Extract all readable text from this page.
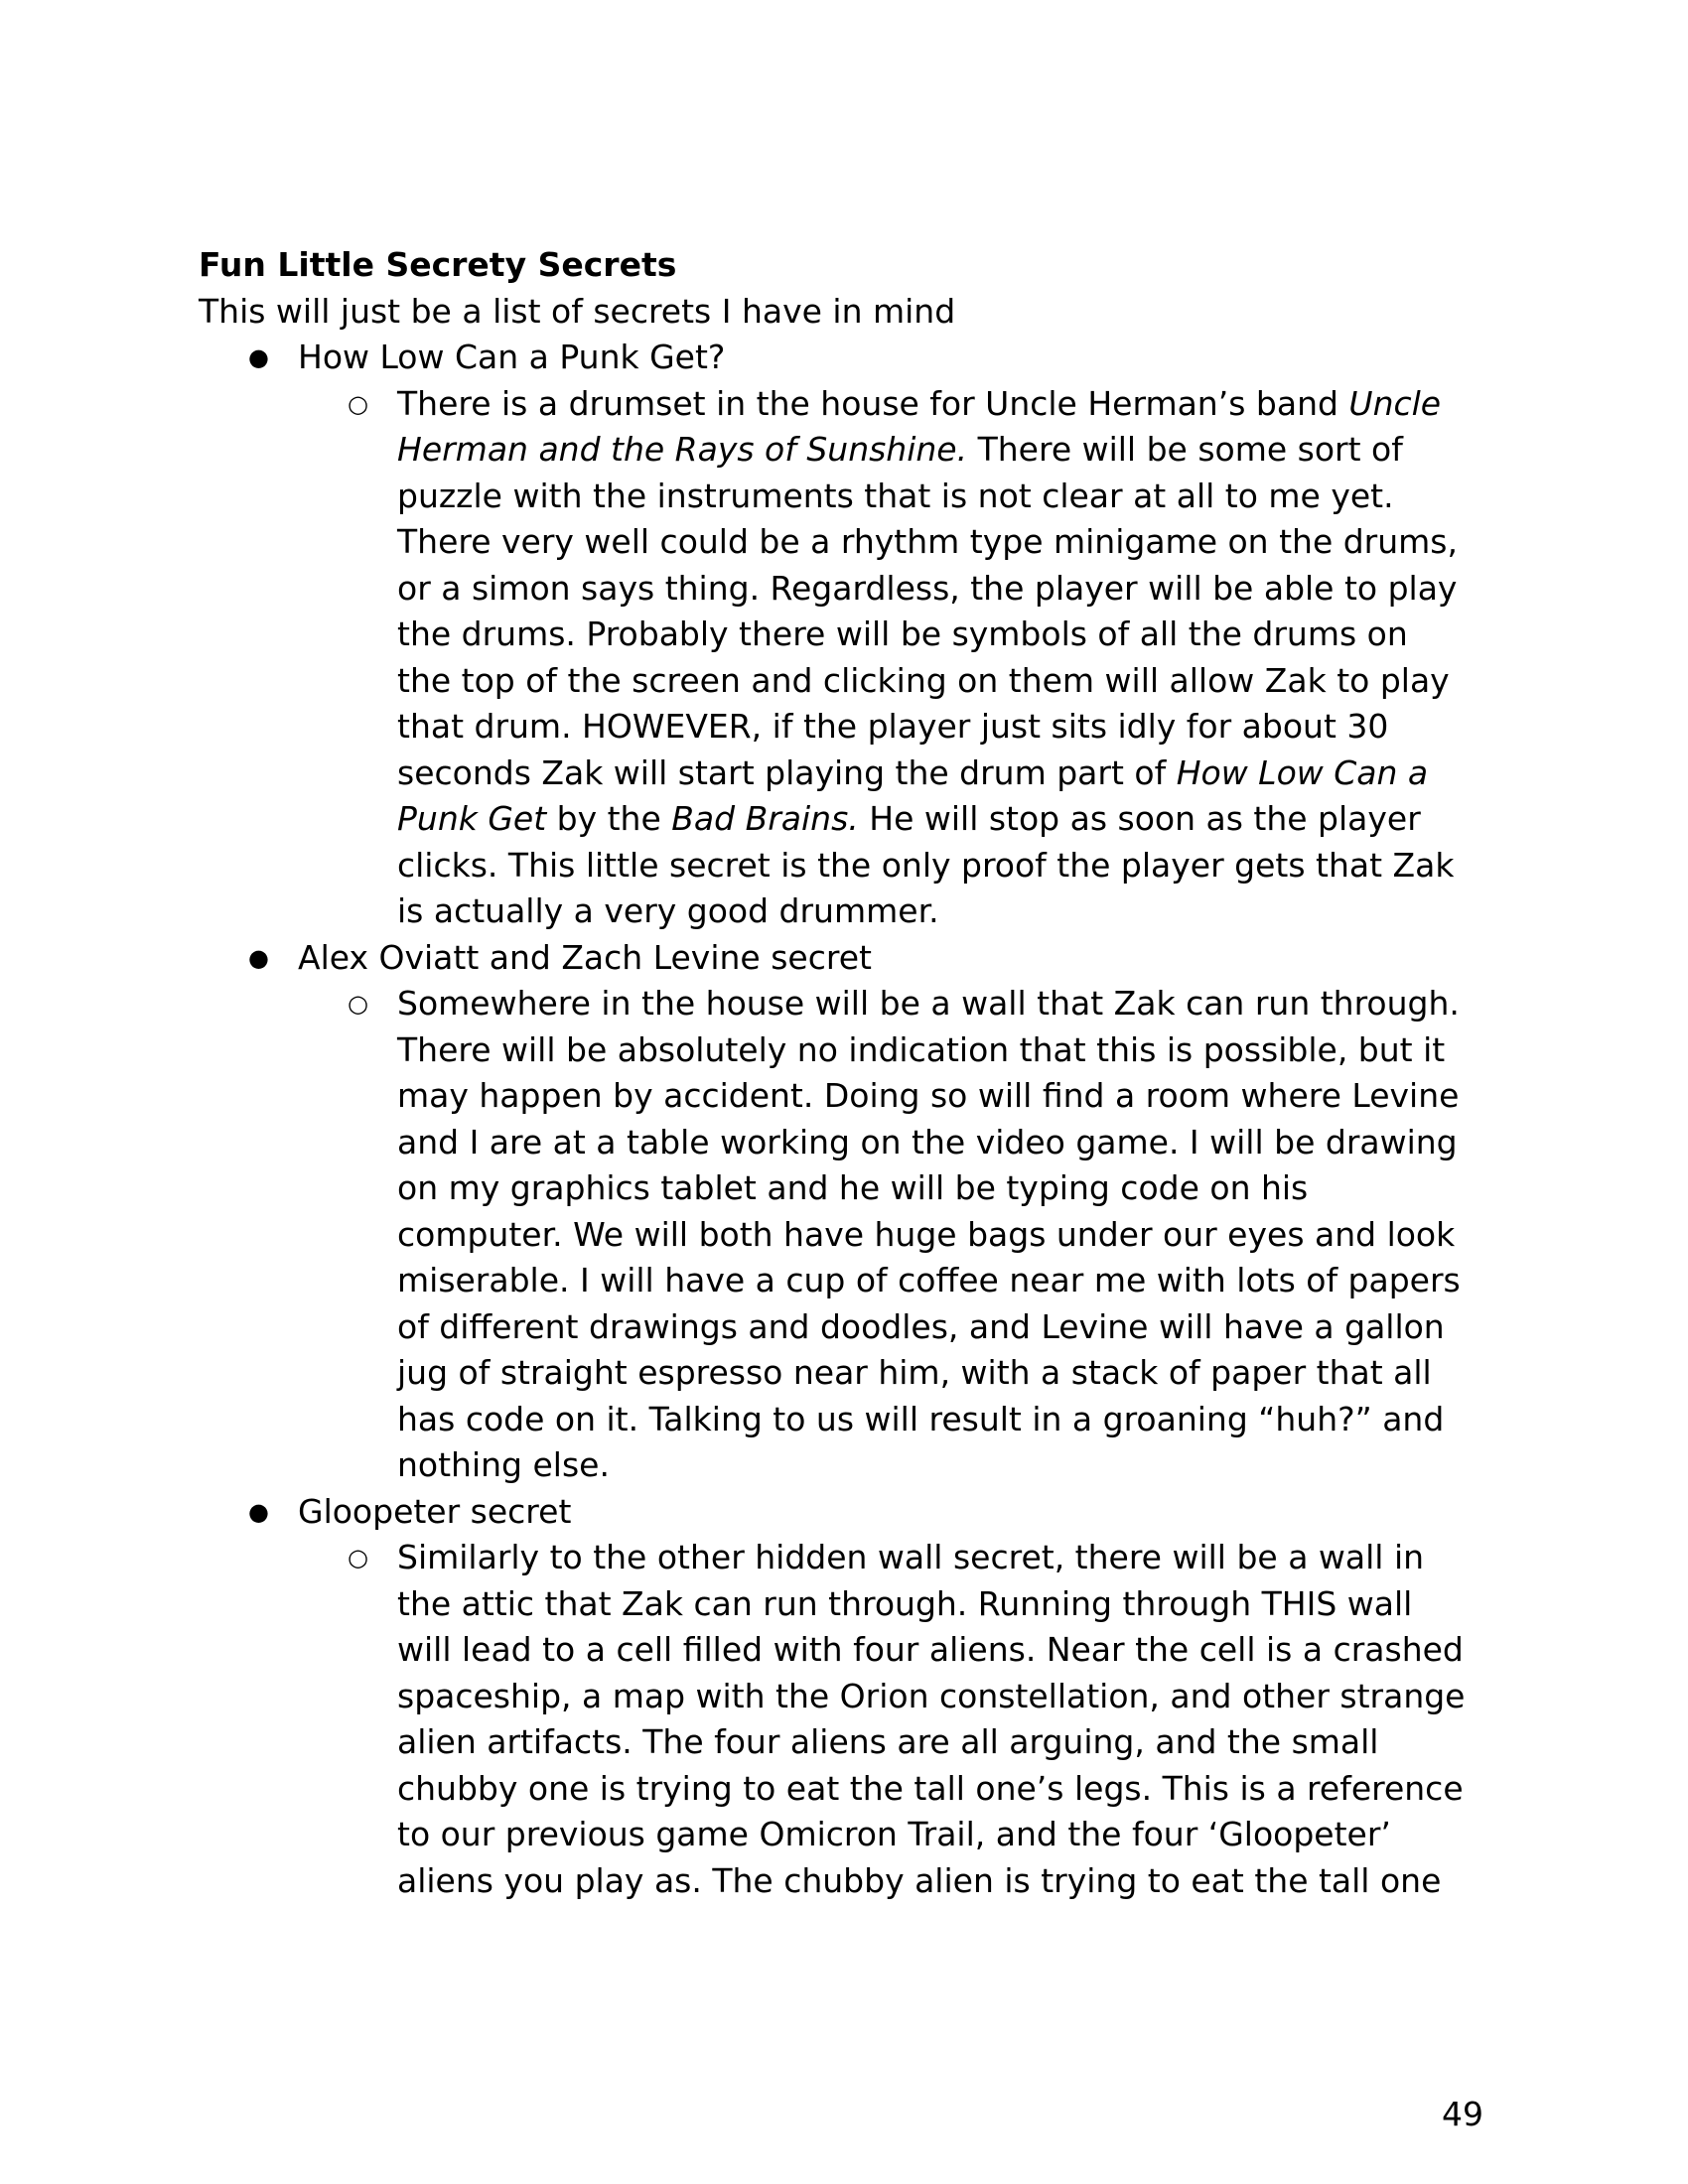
Fun Little Secrety Secrets
This will just be a list of secrets I have in mind
● How Low Can a Punk Get?
○ There is a drumset in the house for Uncle Herman’s band Uncle
Herman and the Rays of Sunshine. There will be some sort of
puzzle with the instruments that is not clear at all to me yet.
There very well could be a rhythm type minigame on the drums,
or a simon says thing. Regardless, the player will be able to play
the drums. Probably there will be symbols of all the drums on
the top of the screen and clicking on them will allow Zak to play
that drum. HOWEVER, if the player just sits idly for about 30
seconds Zak will start playing the drum part of How Low Can a
Punk Get by the Bad Brains. He will stop as soon as the player
clicks. This little secret is the only proof the player gets that Zak
is actually a very good drummer.
● Alex Oviatt and Zach Levine secret
○ Somewhere in the house will be a wall that Zak can run through.
There will be absolutely no indication that this is possible, but it
may happen by accident. Doing so will find a room where Levine
and I are at a table working on the video game. I will be drawing
on my graphics tablet and he will be typing code on his
computer. We will both have huge bags under our eyes and look
miserable. I will have a cup of coffee near me with lots of papers
of different drawings and doodles, and Levine will have a gallon
jug of straight espresso near him, with a stack of paper that all
has code on it. Talking to us will result in a groaning “huh?” and
nothing else.
● Gloopeter secret
○ Similarly to the other hidden wall secret, there will be a wall in
the attic that Zak can run through. Running through THIS wall
will lead to a cell filled with four aliens. Near the cell is a crashed
spaceship, a map with the Orion constellation, and other strange
alien artifacts. The four aliens are all arguing, and the small
chubby one is trying to eat the tall one’s legs. This is a reference
to our previous game Omicron Trail, and the four ‘Gloopeter’
aliens you play as. The chubby alien is trying to eat the tall one
49
